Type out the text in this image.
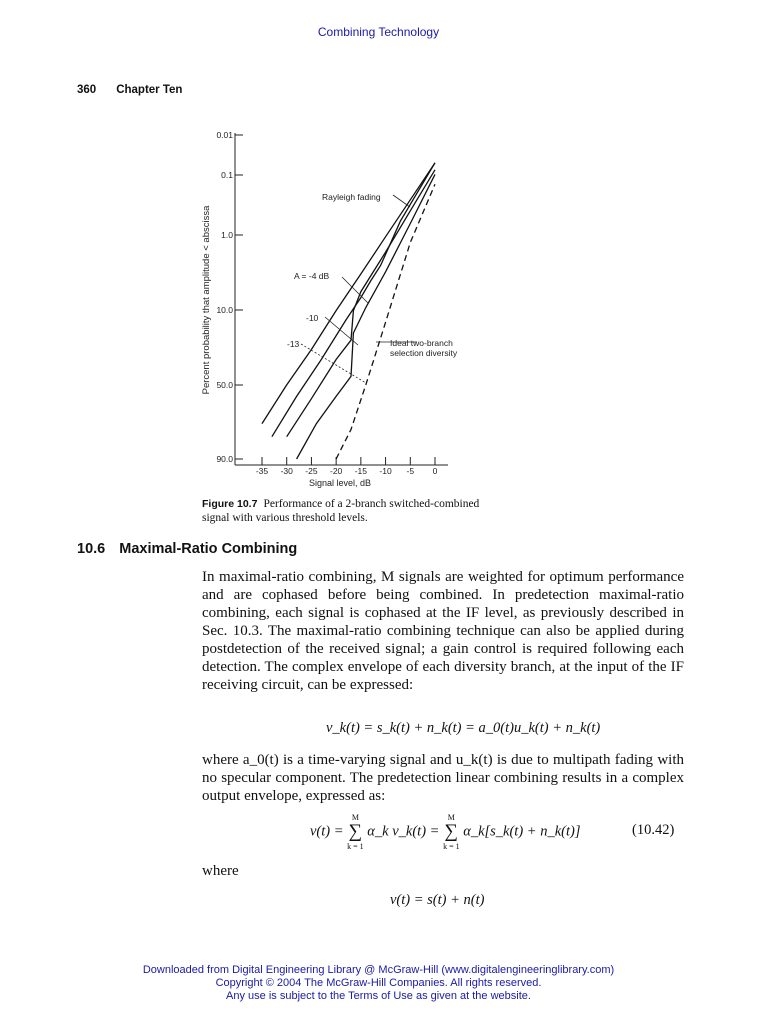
Combining Technology
360 Chapter Ten
90.0
50.0
10.0
1.0
0.1
0.01
-35 -30 -25 -20 -15 -10 -5 0
Percent probability that amplitude < abscissa
Signal level, dB
Rayleigh fading
A = -4 dB
-10
-13	Ideal two-branch
selection diversity
Figure 10.7 Performance of a 2-branch switched-combined signal with various threshold levels.
10.6 Maximal-Ratio Combining

In maximal-ratio combining, M signals are weighted for optimum performance and are cophased before being combined. In predetection maximal-ratio combining, each signal is cophased at the IF level, as previously described in Sec. 10.3. The maximal-ratio combining technique can also be applied during postdetection of the received signal; a gain control is required following each detection. The complex envelope of each diversity branch, at the input of the IF receiving circuit, can be expressed:

v_k(t) = s_k(t) + n_k(t) = a_0(t)u_k(t) + n_k(t)

where a_0(t) is a time-varying signal and u_k(t) is due to multipath fading with no specular component. The predetection linear combining results in a complex output envelope, expressed as:

v(t) =
M
∑
k = 1
α_k v_k(t) =
M
∑
k = 1
α_k[s_k(t) + n_k(t)]	(10.42)
where
v(t) = s(t) + n(t)
Downloaded from Digital Engineering Library @ McGraw-Hill (www.digitalengineeringlibrary.com)
Copyright © 2004 The McGraw-Hill Companies. All rights reserved.
Any use is subject to the Terms of Use as given at the website.
